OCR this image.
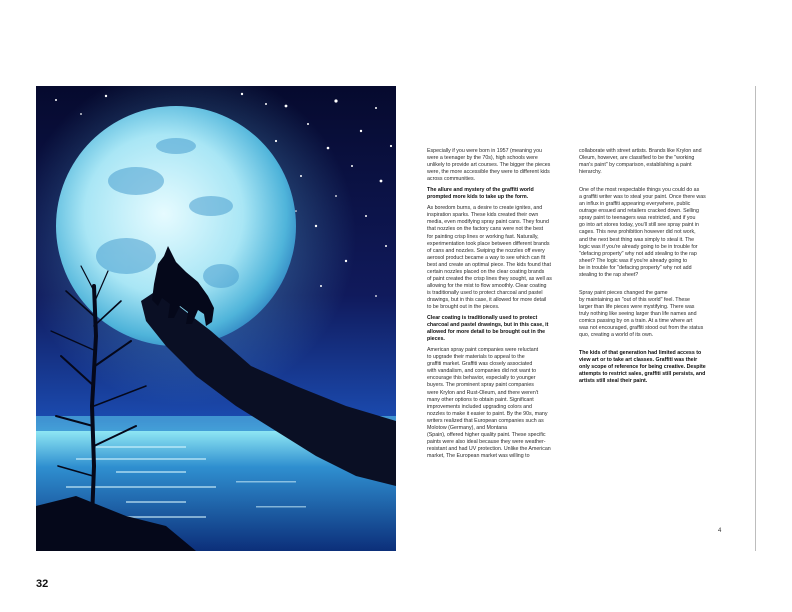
Especially if you were born in 1957 (meaning you
were a teenager by the 70s), high schools were
unlikely to provide art courses. The bigger the pieces
were, the more accessible they were to different kids
across communities.

The allure and mystery of the graffiti world
prompted more kids to take up the form.

As boredom burns, a desire to create ignites, and
inspiration sparks. These kids created their own
media, even modifying spray paint cans. They found
that nozzles on the factory cans were not the best
for painting crisp lines or working fast. Naturally,
experimentation took place between different brands
of cans and nozzles. Swiping the nozzles off every
aerosol product became a way to see which can fit
best and create an optimal piece. The kids found that
certain nozzles placed on the clear coating brands
of paint created the crisp lines they sought, as well as
allowing for the mist to flow smoothly. Clear coating
is traditionally used to protect charcoal and pastel
drawings, but in this case, it allowed for more detail
to be brought out in the pieces.

Clear coating is traditionally used to protect
charcoal and pastel drawings, but in this case, it
allowed for more detail to be brought out in the
pieces.

American spray paint companies were reluctant
to upgrade their materials to appeal to the
graffiti market. Graffiti was closely associated
with vandalism, and companies did not want to
encourage this behavior, especially to younger
buyers. The prominent spray paint companies
were Krylon and Rust-Oleum, and there weren't
many other options to obtain paint. Significant
improvements included upgrading colors and
nozzles to make it easier to paint. By the 90s, many
writers realized that European companies such as
Molotow (Germany), and Montana
(Spain), offered higher quality paint. These specific
paints were also ideal because they were weather-
resistant and had UV protection. Unlike the American
market, The European market was willing to

collaborate with street artists. Brands like Krylon and
Oleum, however, are classified to be the "working
man's paint" by comparison, establishing a paint
hierarchy.

One of the most respectable things you could do as
a graffiti writer was to steal your paint. Once there was
an influx in graffiti appearing everywhere, public
outrage ensued and retailers cracked down. Selling
spray paint to teenagers was restricted, and if you
go into art stores today, you'll still see spray paint in
cages. This new prohibition however did not work,
and the next best thing was simply to steal it. The
logic was if you're already going to be in trouble for
"defacing property" why not add stealing to the rap
sheet? The logic was if you're already going to
be in trouble for "defacing property" why not add
stealing to the rap sheet?

Spray paint pieces changed the game
by maintaining an "out of this world" feel. These
larger than life pieces were mystifying. There was
truly nothing like seeing larger than life names and
comics passing by on a train. At a time where art
was not encouraged, graffiti stood out from the status
quo, creating a world of its own.

The kids of that generation had limited access to
view art or to take art classes. Graffiti was their
only scope of reference for being creative. Despite
attempts to restrict sales, graffiti still persists, and
artists still steal their paint.

32
4
